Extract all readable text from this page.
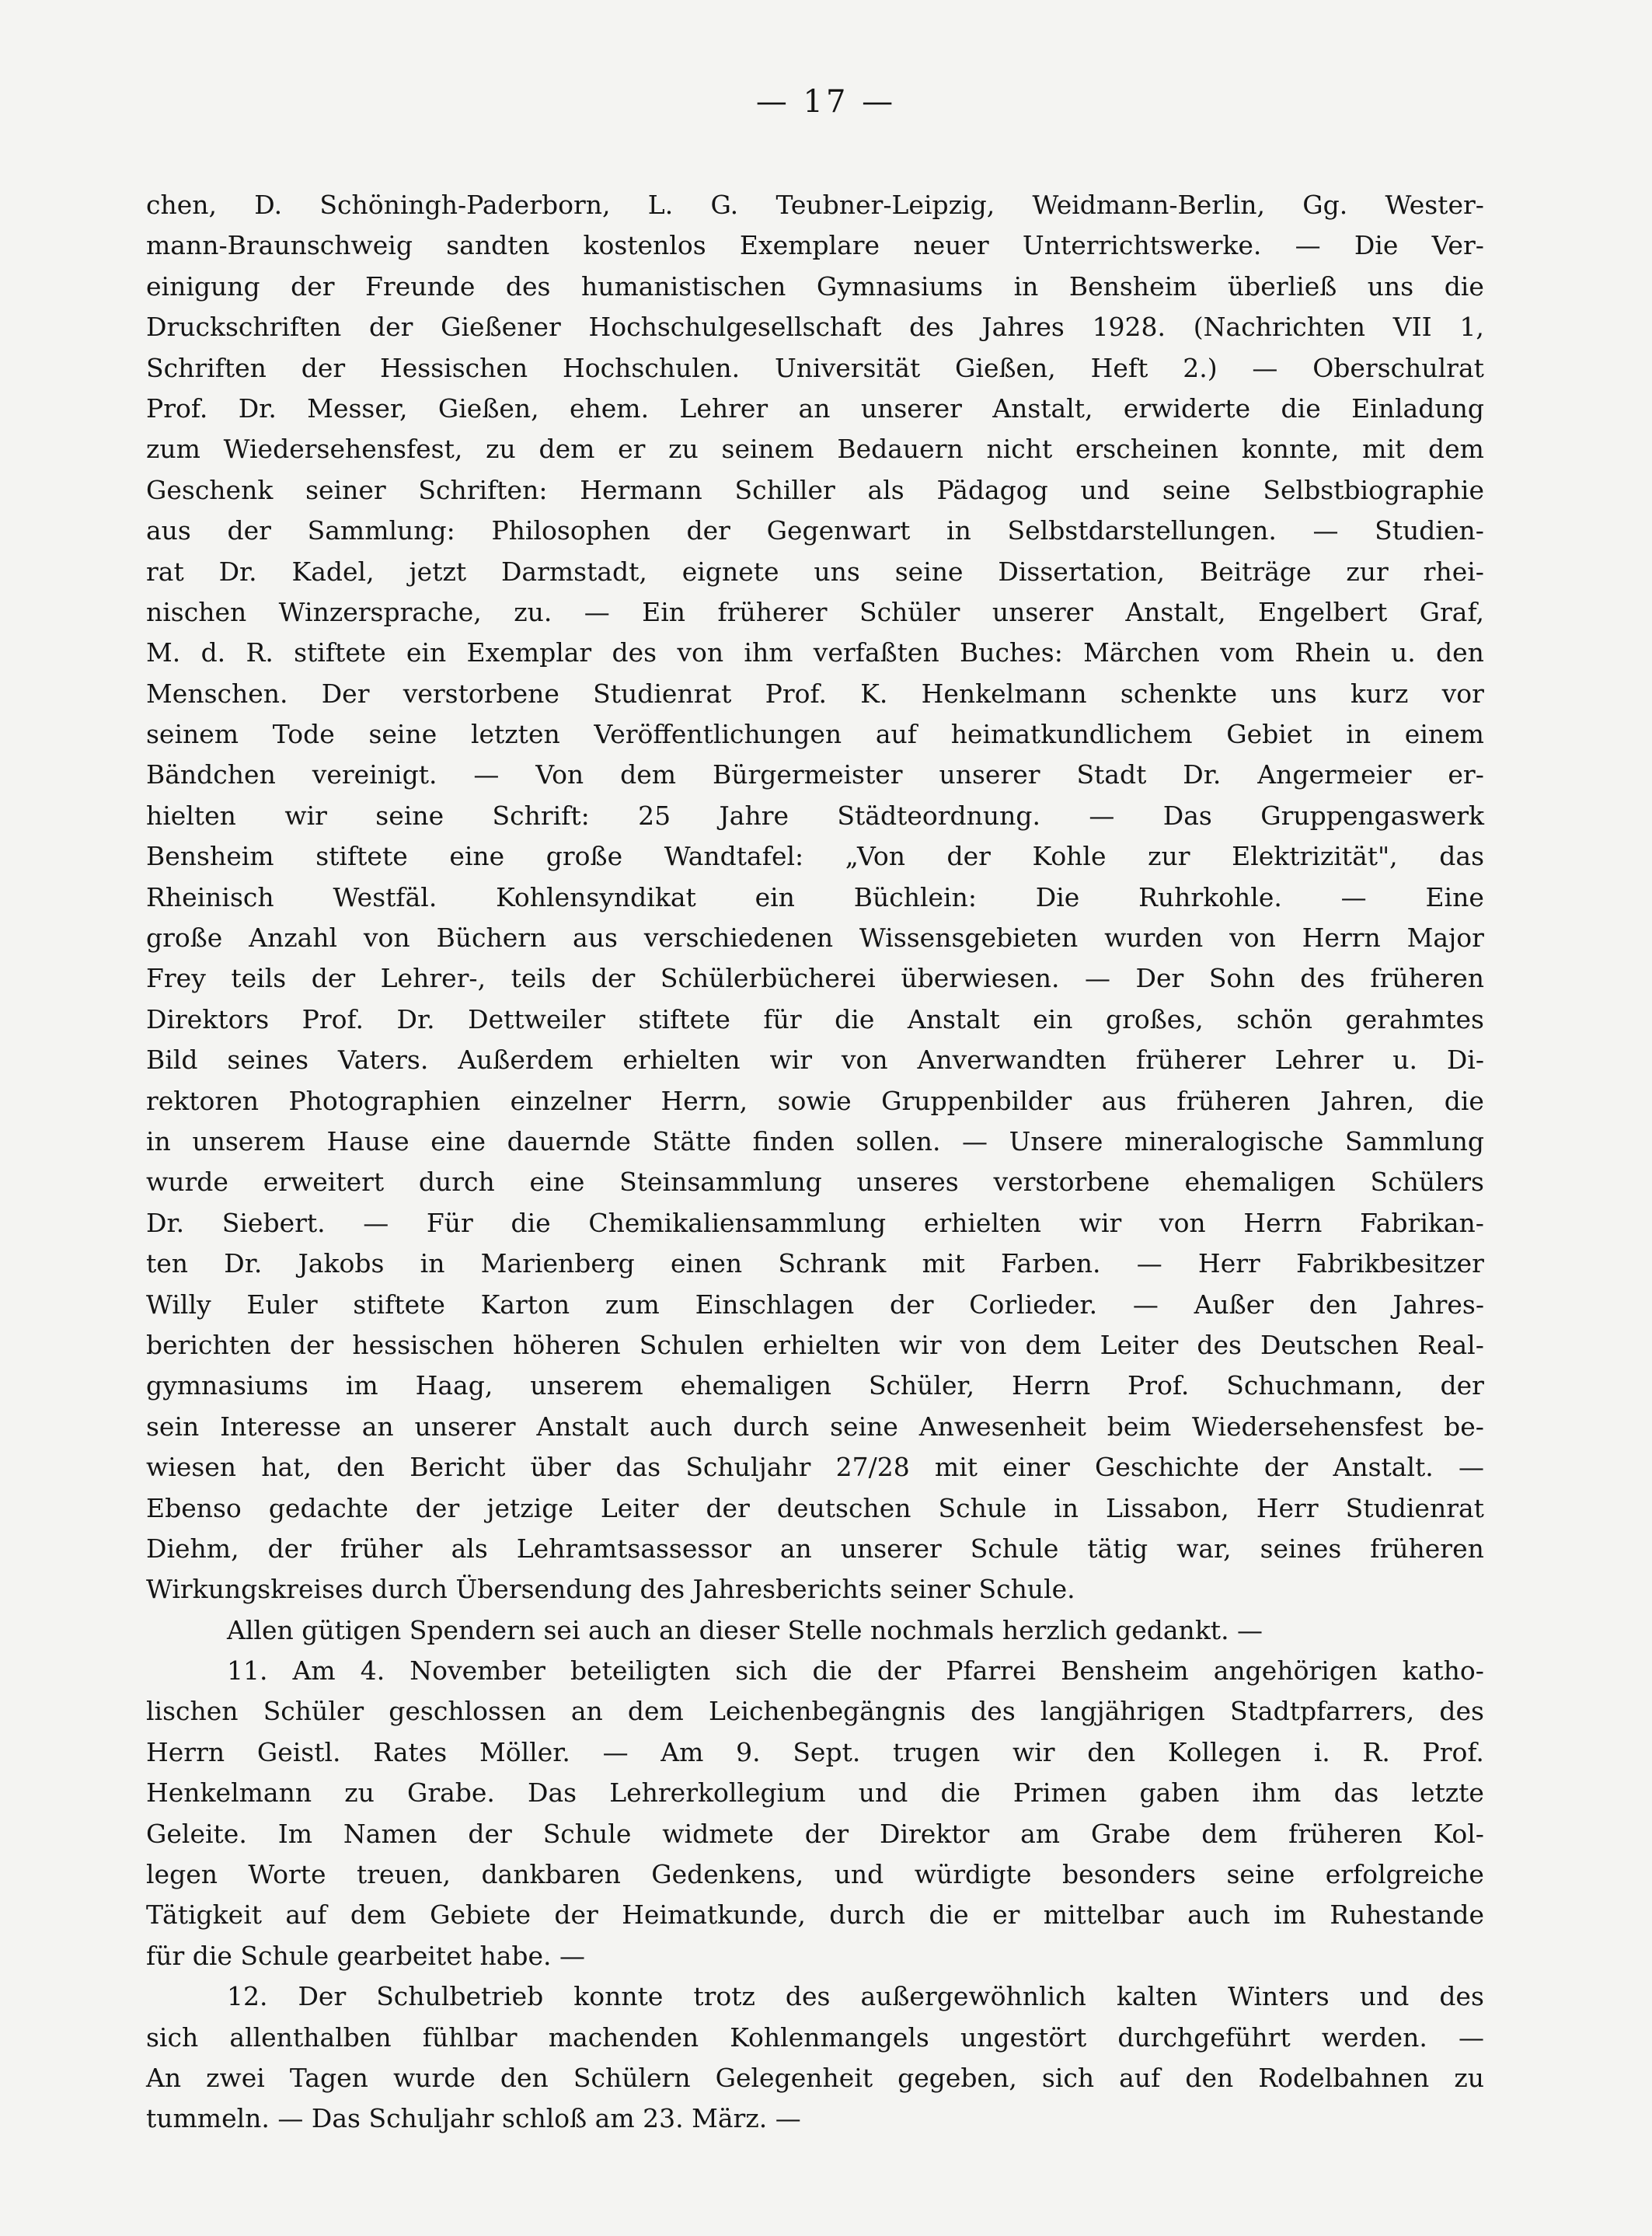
— 17 —
chen, D. Schöningh-Paderborn, L. G. Teubner-Leipzig, Weidmann-Berlin, Gg. Wester-
mann-Braunschweig sandten kostenlos Exemplare neuer Unterrichtswerke. — Die Ver-
einigung der Freunde des humanistischen Gymnasiums in Bensheim überließ uns die
Druckschriften der Gießener Hochschulgesellschaft des Jahres 1928. (Nachrichten VII 1,
Schriften der Hessischen Hochschulen. Universität Gießen, Heft 2.) — Oberschulrat
Prof. Dr. Messer, Gießen, ehem. Lehrer an unserer Anstalt, erwiderte die Einladung
zum Wiedersehensfest, zu dem er zu seinem Bedauern nicht erscheinen konnte, mit dem
Geschenk seiner Schriften: Hermann Schiller als Pädagog und seine Selbstbiographie
aus der Sammlung: Philosophen der Gegenwart in Selbstdarstellungen. — Studien-
rat Dr. Kadel, jetzt Darmstadt, eignete uns seine Dissertation, Beiträge zur rhei-
nischen Winzersprache, zu. — Ein früherer Schüler unserer Anstalt, Engelbert Graf,
M. d. R. stiftete ein Exemplar des von ihm verfaßten Buches: Märchen vom Rhein u. den
Menschen. Der verstorbene Studienrat Prof. K. Henkelmann schenkte uns kurz vor
seinem Tode seine letzten Veröffentlichungen auf heimatkundlichem Gebiet in einem
Bändchen vereinigt. — Von dem Bürgermeister unserer Stadt Dr. Angermeier er-
hielten wir seine Schrift: 25 Jahre Städteordnung. — Das Gruppengaswerk
Bensheim stiftete eine große Wandtafel: „Von der Kohle zur Elektrizität", das
Rheinisch Westfäl. Kohlensyndikat ein Büchlein: Die Ruhrkohle. — Eine
große Anzahl von Büchern aus verschiedenen Wissensgebieten wurden von Herrn Major
Frey teils der Lehrer-, teils der Schülerbücherei überwiesen. — Der Sohn des früheren
Direktors Prof. Dr. Dettweiler stiftete für die Anstalt ein großes, schön gerahmtes
Bild seines Vaters. Außerdem erhielten wir von Anverwandten früherer Lehrer u. Di-
rektoren Photographien einzelner Herrn, sowie Gruppenbilder aus früheren Jahren, die
in unserem Hause eine dauernde Stätte finden sollen. — Unsere mineralogische Sammlung
wurde erweitert durch eine Steinsammlung unseres verstorbene ehemaligen Schülers
Dr. Siebert. — Für die Chemikaliensammlung erhielten wir von Herrn Fabrikan-
ten Dr. Jakobs in Marienberg einen Schrank mit Farben. — Herr Fabrikbesitzer
Willy Euler stiftete Karton zum Einschlagen der Corlieder. — Außer den Jahres-
berichten der hessischen höheren Schulen erhielten wir von dem Leiter des Deutschen Real-
gymnasiums im Haag, unserem ehemaligen Schüler, Herrn Prof. Schuchmann, der
sein Interesse an unserer Anstalt auch durch seine Anwesenheit beim Wiedersehensfest be-
wiesen hat, den Bericht über das Schuljahr 27/28 mit einer Geschichte der Anstalt. —
Ebenso gedachte der jetzige Leiter der deutschen Schule in Lissabon, Herr Studienrat
Diehm, der früher als Lehramtsassessor an unserer Schule tätig war, seines früheren
Wirkungskreises durch Übersendung des Jahresberichts seiner Schule.
Allen gütigen Spendern sei auch an dieser Stelle nochmals herzlich gedankt. —
11. Am 4. November beteiligten sich die der Pfarrei Bensheim angehörigen katho-
lischen Schüler geschlossen an dem Leichenbegängnis des langjährigen Stadtpfarrers, des
Herrn Geistl. Rates Möller. — Am 9. Sept. trugen wir den Kollegen i. R. Prof.
Henkelmann zu Grabe. Das Lehrerkollegium und die Primen gaben ihm das letzte
Geleite. Im Namen der Schule widmete der Direktor am Grabe dem früheren Kol-
legen Worte treuen, dankbaren Gedenkens, und würdigte besonders seine erfolgreiche
Tätigkeit auf dem Gebiete der Heimatkunde, durch die er mittelbar auch im Ruhestande
für die Schule gearbeitet habe. —
12. Der Schulbetrieb konnte trotz des außergewöhnlich kalten Winters und des
sich allenthalben fühlbar machenden Kohlenmangels ungestört durchgeführt werden. —
An zwei Tagen wurde den Schülern Gelegenheit gegeben, sich auf den Rodelbahnen zu
tummeln. — Das Schuljahr schloß am 23. März. —
